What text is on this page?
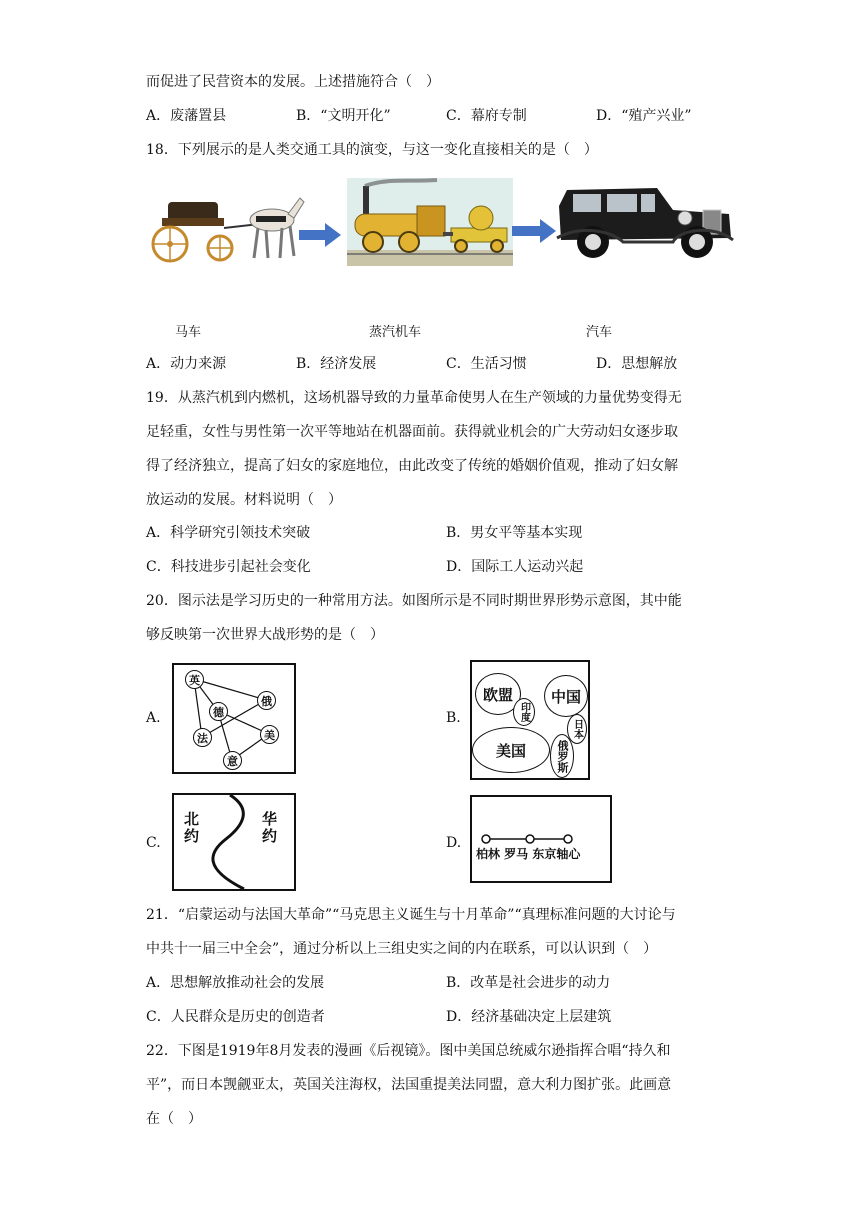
而促进了民营资本的发展。上述措施符合（　）
A．废藩置县	B．“文明开化”	C．幕府专制	D．“殖产兴业”
18．下列展示的是人类交通工具的演变，与这一变化直接相关的是（　）
马车	蒸汽机车	汽车
A．动力来源	B．经济发展	C．生活习惯	D．思想解放
19．从蒸汽机到内燃机，这场机器导致的力量革命使男人在生产领域的力量优势变得无
足轻重，女性与男性第一次平等地站在机器面前。获得就业机会的广大劳动妇女逐步取
得了经济独立，提高了妇女的家庭地位，由此改变了传统的婚姻价值观，推动了妇女解
放运动的发展。材料说明（　）
A．科学研究引领技术突破	B．男女平等基本实现
C．科技进步引起社会变化	D．国际工人运动兴起
20．图示法是学习历史的一种常用方法。如图所示是不同时期世界形势示意图，其中能
够反映第一次世界大战形势的是（　）
A.	B.
C.	D.
英
俄
德
法	美
意
欧盟	中国
印度
日本
美国	俄罗斯
北约
华约
柏林 罗马 东京轴心
21．“启蒙运动与法国大革命”“马克思主义诞生与十月革命”“真理标准问题的大讨论与
中共十一届三中全会”，通过分析以上三组史实之间的内在联系，可以认识到（　）
A．思想解放推动社会的发展	B．改革是社会进步的动力
C．人民群众是历史的创造者	D．经济基础决定上层建筑
22．下图是1919年8月发表的漫画《后视镜》。图中美国总统威尔逊指挥合唱“持久和
平”，而日本觊觎亚太，英国关注海权，法国重提美法同盟，意大利力图扩张。此画意
在（　）
